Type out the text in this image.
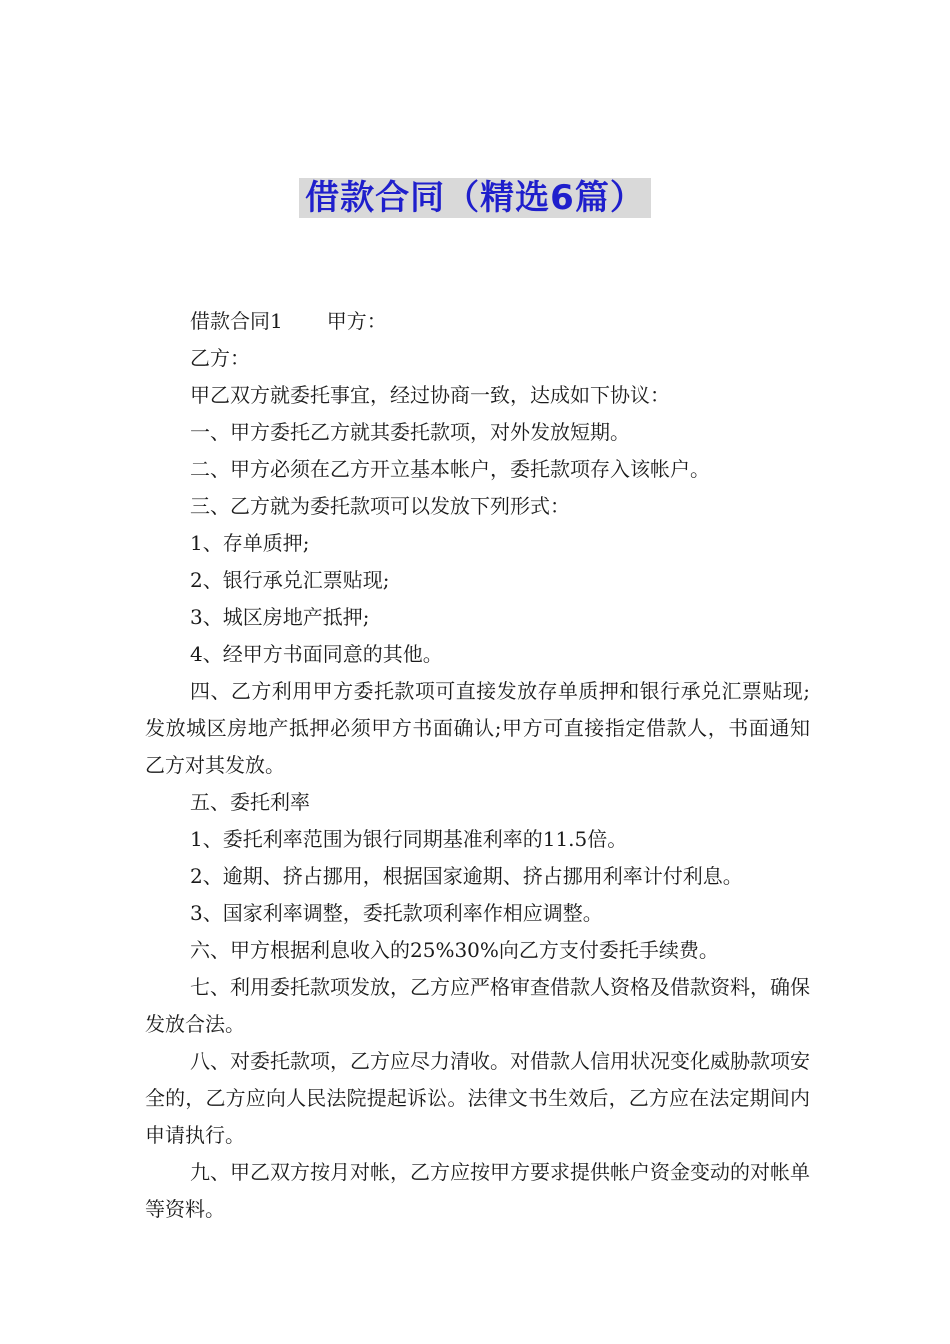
借款合同（精选6篇）

借款合同1 甲方：

乙方：

甲乙双方就委托事宜，经过协商一致，达成如下协议：

一、甲方委托乙方就其委托款项，对外发放短期。

二、甲方必须在乙方开立基本帐户，委托款项存入该帐户。

三、乙方就为委托款项可以发放下列形式：

1、存单质押;

2、银行承兑汇票贴现;

3、城区房地产抵押;

4、经甲方书面同意的其他。

四、乙方利用甲方委托款项可直接发放存单质押和银行承兑汇票贴现;发放城区房地产抵押必须甲方书面确认;甲方可直接指定借款人，书面通知乙方对其发放。

五、委托利率

1、委托利率范围为银行同期基准利率的11.5倍。

2、逾期、挤占挪用，根据国家逾期、挤占挪用利率计付利息。

3、国家利率调整，委托款项利率作相应调整。

六、甲方根据利息收入的25%30%向乙方支付委托手续费。

七、利用委托款项发放，乙方应严格审查借款人资格及借款资料，确保发放合法。

八、对委托款项，乙方应尽力清收。对借款人信用状况变化威胁款项安全的，乙方应向人民法院提起诉讼。法律文书生效后，乙方应在法定期间内申请执行。

九、甲乙双方按月对帐，乙方应按甲方要求提供帐户资金变动的对帐单等资料。
